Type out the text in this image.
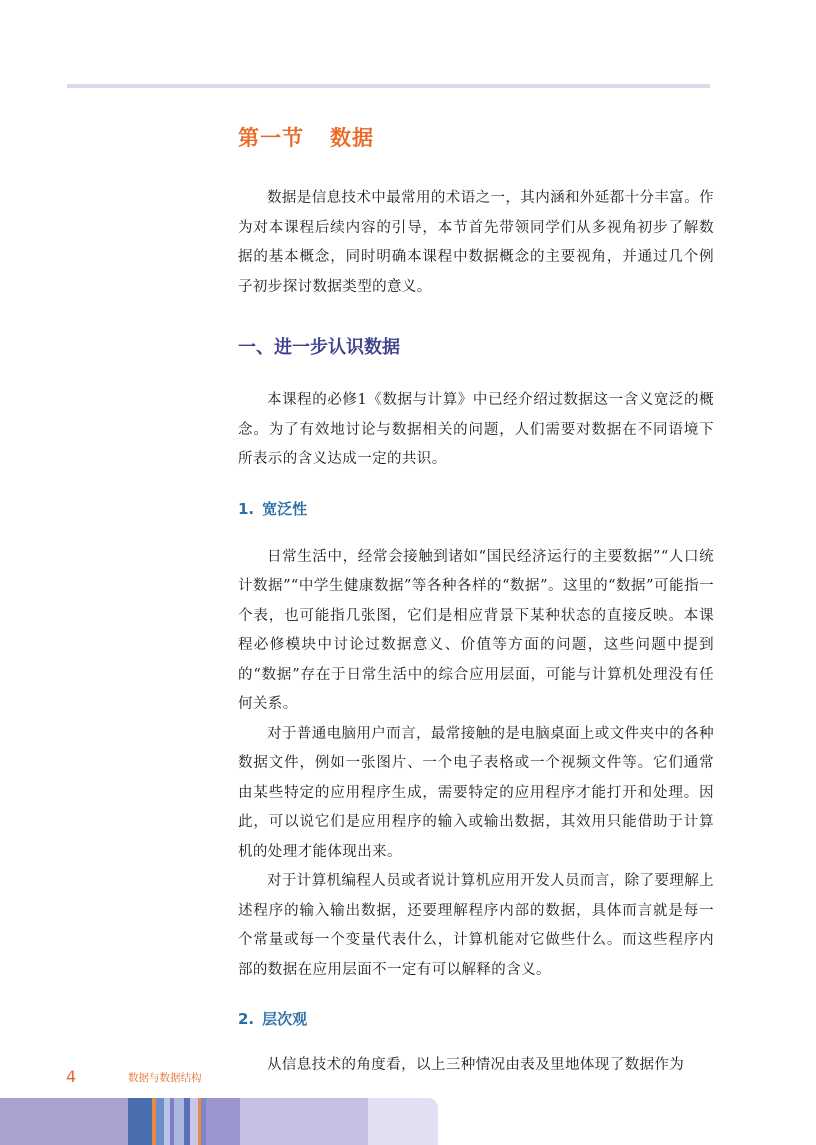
第一节 数据

数据是信息技术中最常用的术语之一，其内涵和外延都十分丰富。作为对本课程后续内容的引导，本节首先带领同学们从多视角初步了解数据的基本概念，同时明确本课程中数据概念的主要视角，并通过几个例子初步探讨数据类型的意义。

一、进一步认识数据

本课程的必修1《数据与计算》中已经介绍过数据这一含义宽泛的概念。为了有效地讨论与数据相关的问题，人们需要对数据在不同语境下所表示的含义达成一定的共识。

1. 宽泛性

日常生活中，经常会接触到诸如“国民经济运行的主要数据”“人口统计数据”“中学生健康数据”等各种各样的“数据”。这里的“数据”可能指一个表，也可能指几张图，它们是相应背景下某种状态的直接反映。本课程必修模块中讨论过数据意义、价值等方面的问题，这些问题中提到的“数据”存在于日常生活中的综合应用层面，可能与计算机处理没有任何关系。

对于普通电脑用户而言，最常接触的是电脑桌面上或文件夹中的各种数据文件，例如一张图片、一个电子表格或一个视频文件等。它们通常由某些特定的应用程序生成，需要特定的应用程序才能打开和处理。因此，可以说它们是应用程序的输入或输出数据，其效用只能借助于计算机的处理才能体现出来。

对于计算机编程人员或者说计算机应用开发人员而言，除了要理解上述程序的输入输出数据，还要理解程序内部的数据，具体而言就是每一个常量或每一个变量代表什么，计算机能对它做些什么。而这些程序内部的数据在应用层面不一定有可以解释的含义。

2. 层次观

从信息技术的角度看，以上三种情况由表及里地体现了数据作为

4	数据与数据结构
